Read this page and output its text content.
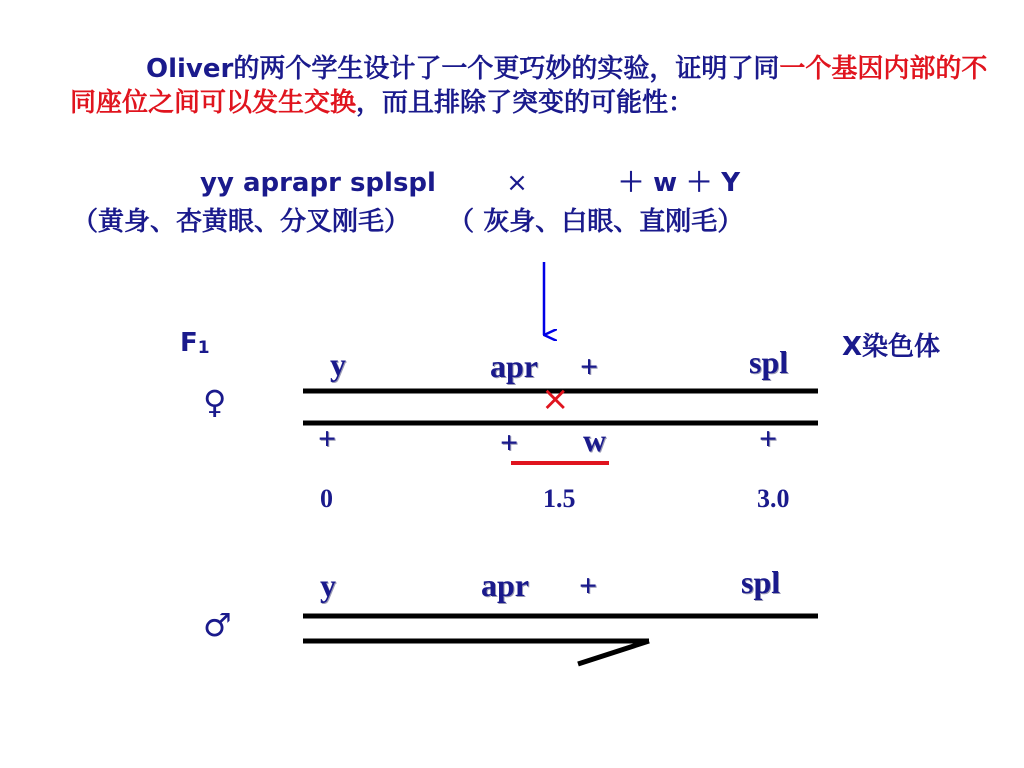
Oliver的两个学生设计了一个更巧妙的实验，证明了同一个基因内部的不同座位之间可以发生交换，而且排除了突变的可能性：
yy aprapr splspl	×	＋ w ＋ Y
（黄身、杏黄眼、分叉刚毛） （ 灰身、白眼、直刚毛）
$F_1$	X染色体
♀
♂
y	apr +	spl
×
+	+ w	+
0	1.5	3.0
y	apr +	spl
